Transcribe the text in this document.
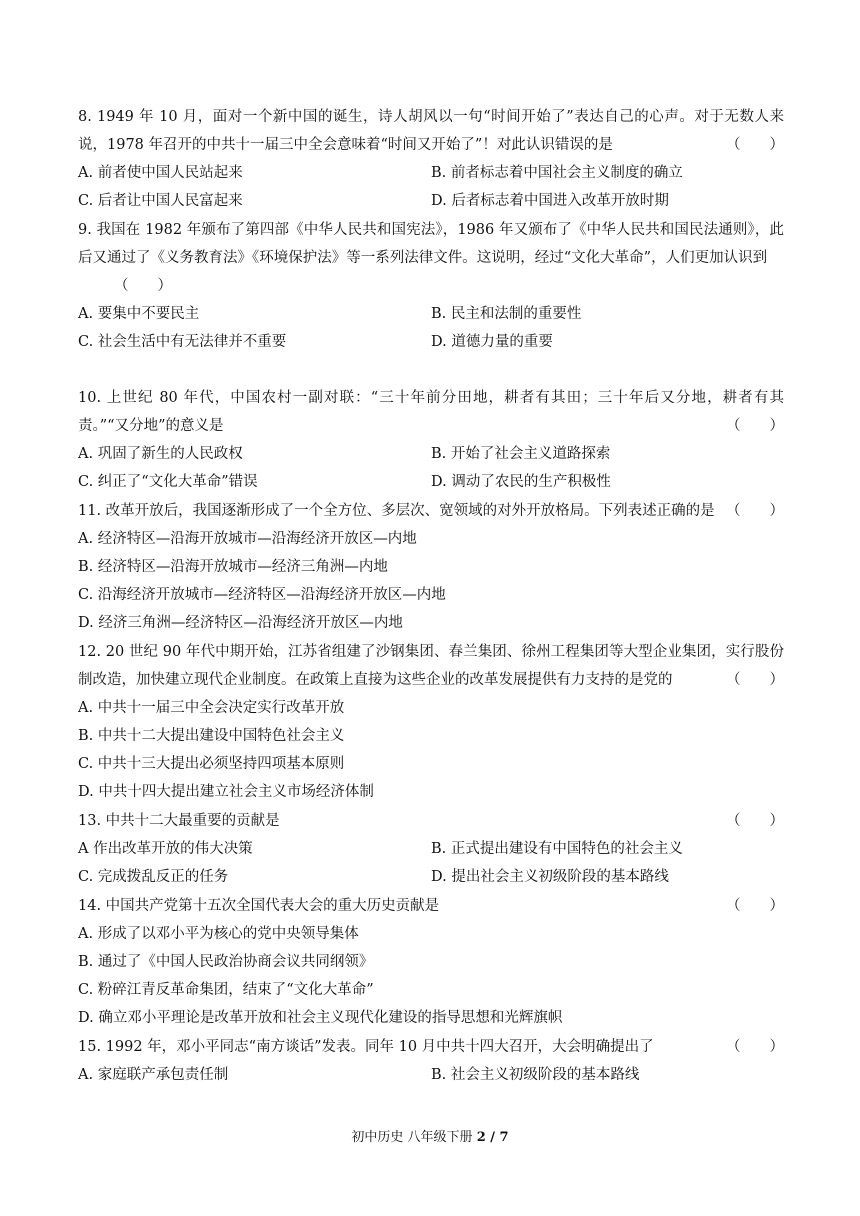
8. 1949 年 10 月，面对一个新中国的诞生，诗人胡风以一句“时间开始了”表达自己的心声。对于无数人来说，1978 年召开的中共十一届三中全会意味着“时间又开始了”！对此认识错误的是	（　　）
A. 前者使中国人民站起来	B. 前者标志着中国社会主义制度的确立
C. 后者让中国人民富起来	D. 后者标志着中国进入改革开放时期
9. 我国在 1982 年颁布了第四部《中华人民共和国宪法》，1986 年又颁布了《中华人民共和国民法通则》，此后又通过了《义务教育法》《环境保护法》等一系列法律文件。这说明，经过“文化大革命”，人们更加认识到
（　　）
A. 要集中不要民主	B. 民主和法制的重要性
C. 社会生活中有无法律并不重要	D. 道德力量的重要
10. 上世纪 80 年代，中国农村一副对联：“三十年前分田地，耕者有其田；三十年后又分地，耕者有其责。”“又分地”的意义是	（　　）
A. 巩固了新生的人民政权	B. 开始了社会主义道路探索
C. 纠正了“文化大革命”错误	D. 调动了农民的生产积极性
11. 改革开放后，我国逐渐形成了一个全方位、多层次、宽领域的对外开放格局。下列表述正确的是 （　　）
A. 经济特区—沿海开放城市—沿海经济开放区—内地
B. 经济特区—沿海开放城市—经济三角洲—内地
C. 沿海经济开放城市—经济特区—沿海经济开放区—内地
D. 经济三角洲—经济特区—沿海经济开放区—内地
12. 20 世纪 90 年代中期开始，江苏省组建了沙钢集团、春兰集团、徐州工程集团等大型企业集团，实行股份制改造，加快建立现代企业制度。在政策上直接为这些企业的改革发展提供有力支持的是党的	（　　）
A. 中共十一届三中全会决定实行改革开放
B. 中共十二大提出建设中国特色社会主义
C. 中共十三大提出必须坚持四项基本原则
D. 中共十四大提出建立社会主义市场经济体制
13. 中共十二大最重要的贡献是	（　　）
A 作出改革开放的伟大决策	B. 正式提出建设有中国特色的社会主义
C. 完成拨乱反正的任务	D. 提出社会主义初级阶段的基本路线
14. 中国共产党第十五次全国代表大会的重大历史贡献是	（　　）
A. 形成了以邓小平为核心的党中央领导集体
B. 通过了《中国人民政治协商会议共同纲领》
C. 粉碎江青反革命集团，结束了“文化大革命”
D. 确立邓小平理论是改革开放和社会主义现代化建设的指导思想和光辉旗帜
15. 1992 年，邓小平同志“南方谈话”发表。同年 10 月中共十四大召开，大会明确提出了	（　　）
A. 家庭联产承包责任制	B. 社会主义初级阶段的基本路线
初中历史 八年级下册 2 / 7
